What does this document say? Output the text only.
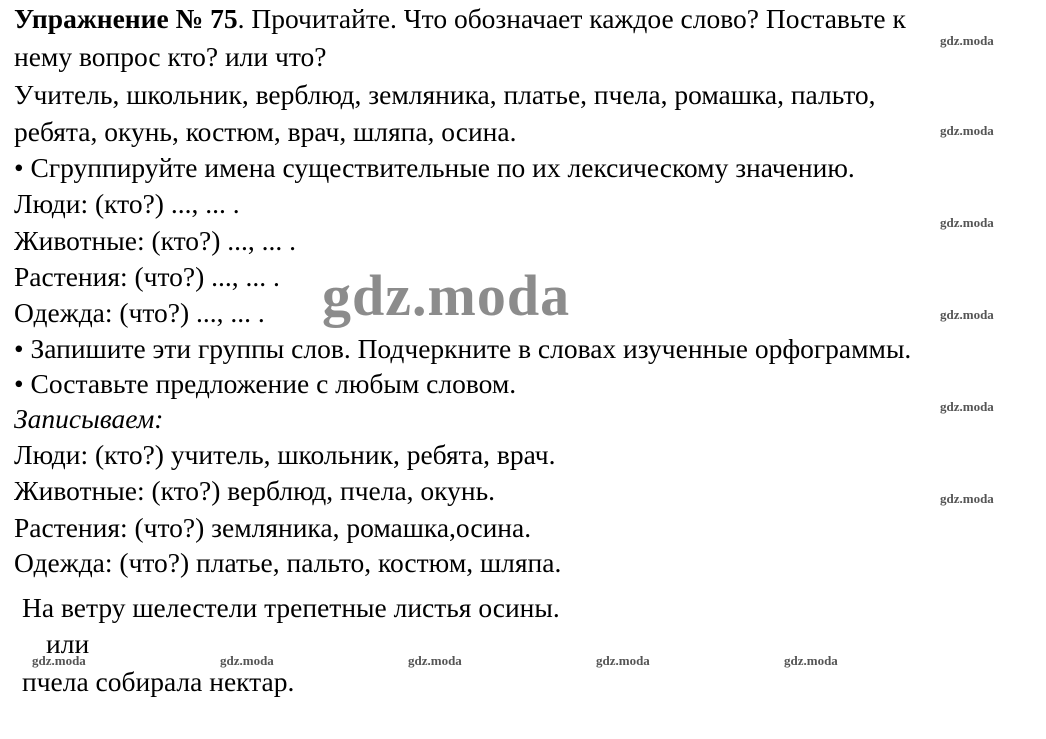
Упражнение № 75. Прочитайте. Что обозначает каждое слово? Поставьте к
нему вопрос кто? или что?
Учитель, школьник, верблюд, земляника, платье, пчела, ромашка, пальто,
ребята, окунь, костюм, врач, шляпа, осина.
• Сгруппируйте имена существительные по их лексическому значению.
Люди: (кто?) ..., ... .
Животные: (кто?) ..., ... .
Растения: (что?) ..., ... .
Одежда: (что?) ..., ... .
• Запишите эти группы слов. Подчеркните в словах изученные орфограммы.
• Составьте предложение с любым словом.
Записываем:
Люди: (кто?) учитель, школьник, ребята, врач.
Животные: (кто?) верблюд, пчела, окунь.
Растения: (что?) земляника, ромашка,осина.
Одежда: (что?) платье, пальто, костюм, шляпа.
На ветру шелестели трепетные листья осины.
или
пчела собирала нектар.
gdz.moda
gdz.moda
gdz.moda
gdz.moda
gdz.moda
gdz.moda
gdz.moda
gdz.moda	gdz.moda	gdz.moda	gdz.moda	gdz.moda
